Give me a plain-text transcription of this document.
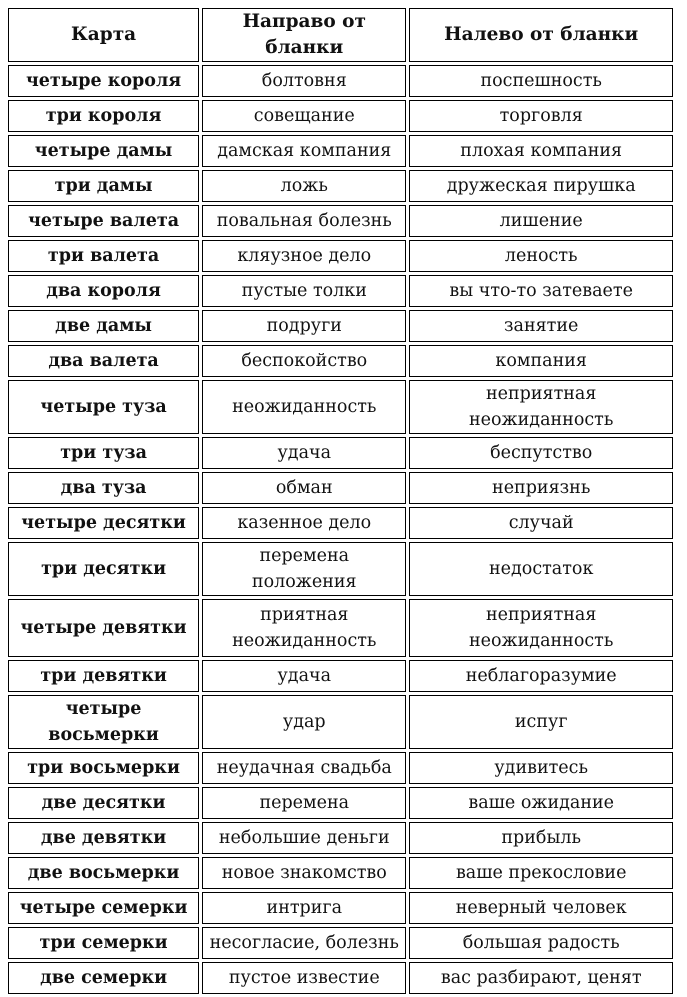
Карта	Направо от бланки	Налево от бланки
четыре короля	болтовня	поспешность
три короля	совещание	торговля
четыре дамы	дамская компания	плохая компания
три дамы	ложь	дружеская пирушка
четыре валета	повальная болезнь	лишение
три валета	кляузное дело	леность
два короля	пустые толки	вы что-то затеваете
две дамы	подруги	занятие
два валета	беспокойство	компания
четыре туза	неожиданность	неприятная неожиданность
три туза	удача	беспутство
два туза	обман	неприязнь
четыре десятки	казенное дело	случай
три десятки	перемена положения	недостаток
четыре девятки	приятная неожиданность	неприятная неожиданность
три девятки	удача	неблагоразумие
четыре восьмерки	удар	испуг
три восьмерки	неудачная свадьба	удивитесь
две десятки	перемена	ваше ожидание
две девятки	небольшие деньги	прибыль
две восьмерки	новое знакомство	ваше прекословие
четыре семерки	интрига	неверный человек
три семерки	несогласие, болезнь	большая радость
две семерки	пустое известие	вас разбирают, ценят
